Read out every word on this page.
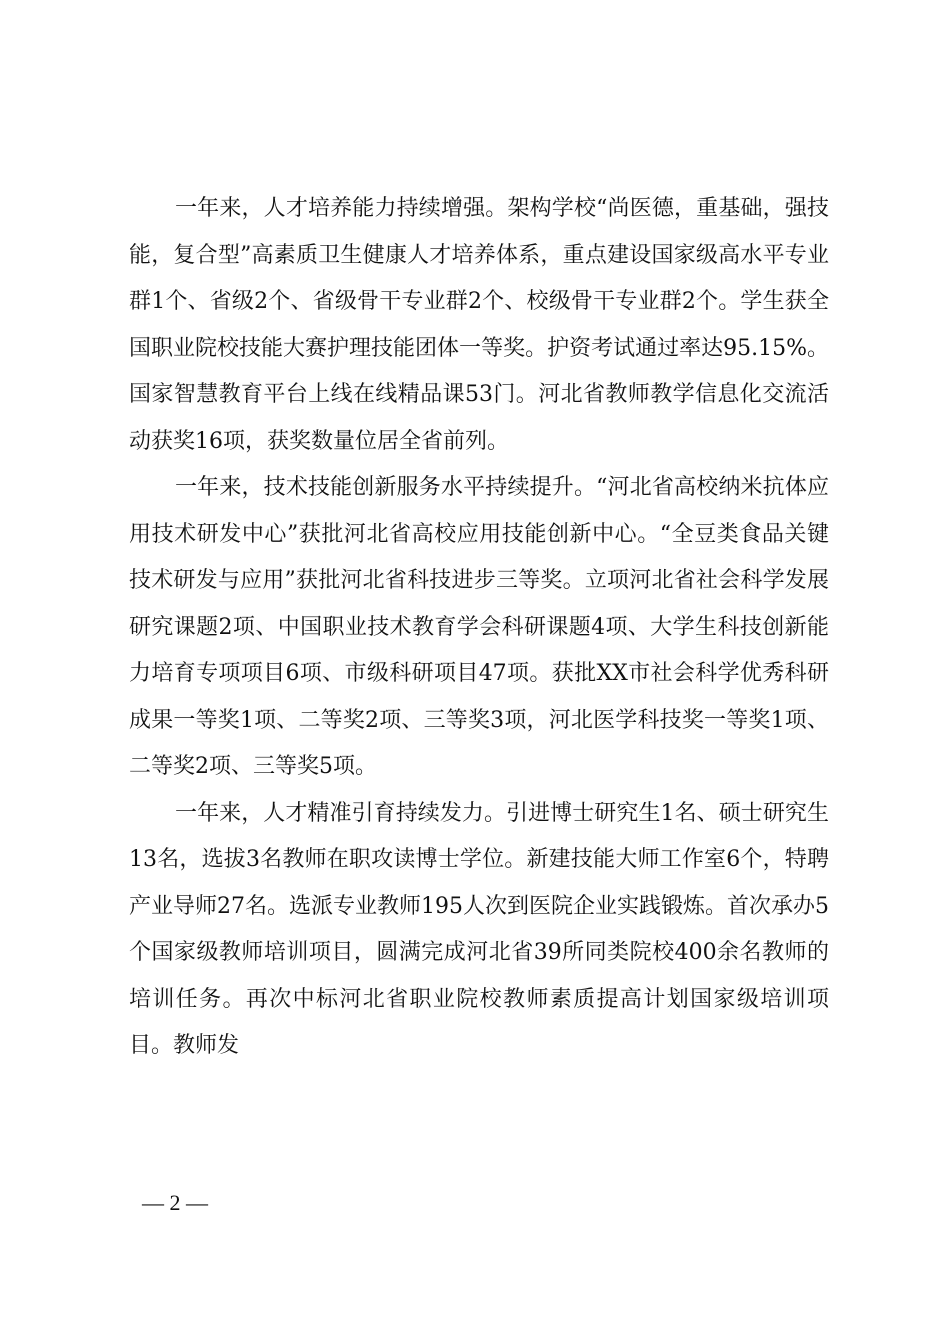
一年来，人才培养能力持续增强。架构学校“尚医德，重基础，强技能，复合型”高素质卫生健康人才培养体系，重点建设国家级高水平专业群1个、省级2个、省级骨干专业群2个、校级骨干专业群2个。学生获全国职业院校技能大赛护理技能团体一等奖。护资考试通过率达95.15%。国家智慧教育平台上线在线精品课53门。河北省教师教学信息化交流活动获奖16项，获奖数量位居全省前列。

一年来，技术技能创新服务水平持续提升。“河北省高校纳米抗体应用技术研发中心”获批河北省高校应用技能创新中心。“全豆类食品关键技术研发与应用”获批河北省科技进步三等奖。立项河北省社会科学发展研究课题2项、中国职业技术教育学会科研课题4项、大学生科技创新能力培育专项项目6项、市级科研项目47项。获批XX市社会科学优秀科研成果一等奖1项、二等奖2项、三等奖3项，河北医学科技奖一等奖1项、二等奖2项、三等奖5项。

一年来，人才精准引育持续发力。引进博士研究生1名、硕士研究生13名，选拔3名教师在职攻读博士学位。新建技能大师工作室6个，特聘产业导师27名。选派专业教师195人次到医院企业实践锻炼。首次承办5个国家级教师培训项目，圆满完成河北省39所同类院校400余名教师的培训任务。再次中标河北省职业院校教师素质提高计划国家级培训项目。教师发

— 2 —
